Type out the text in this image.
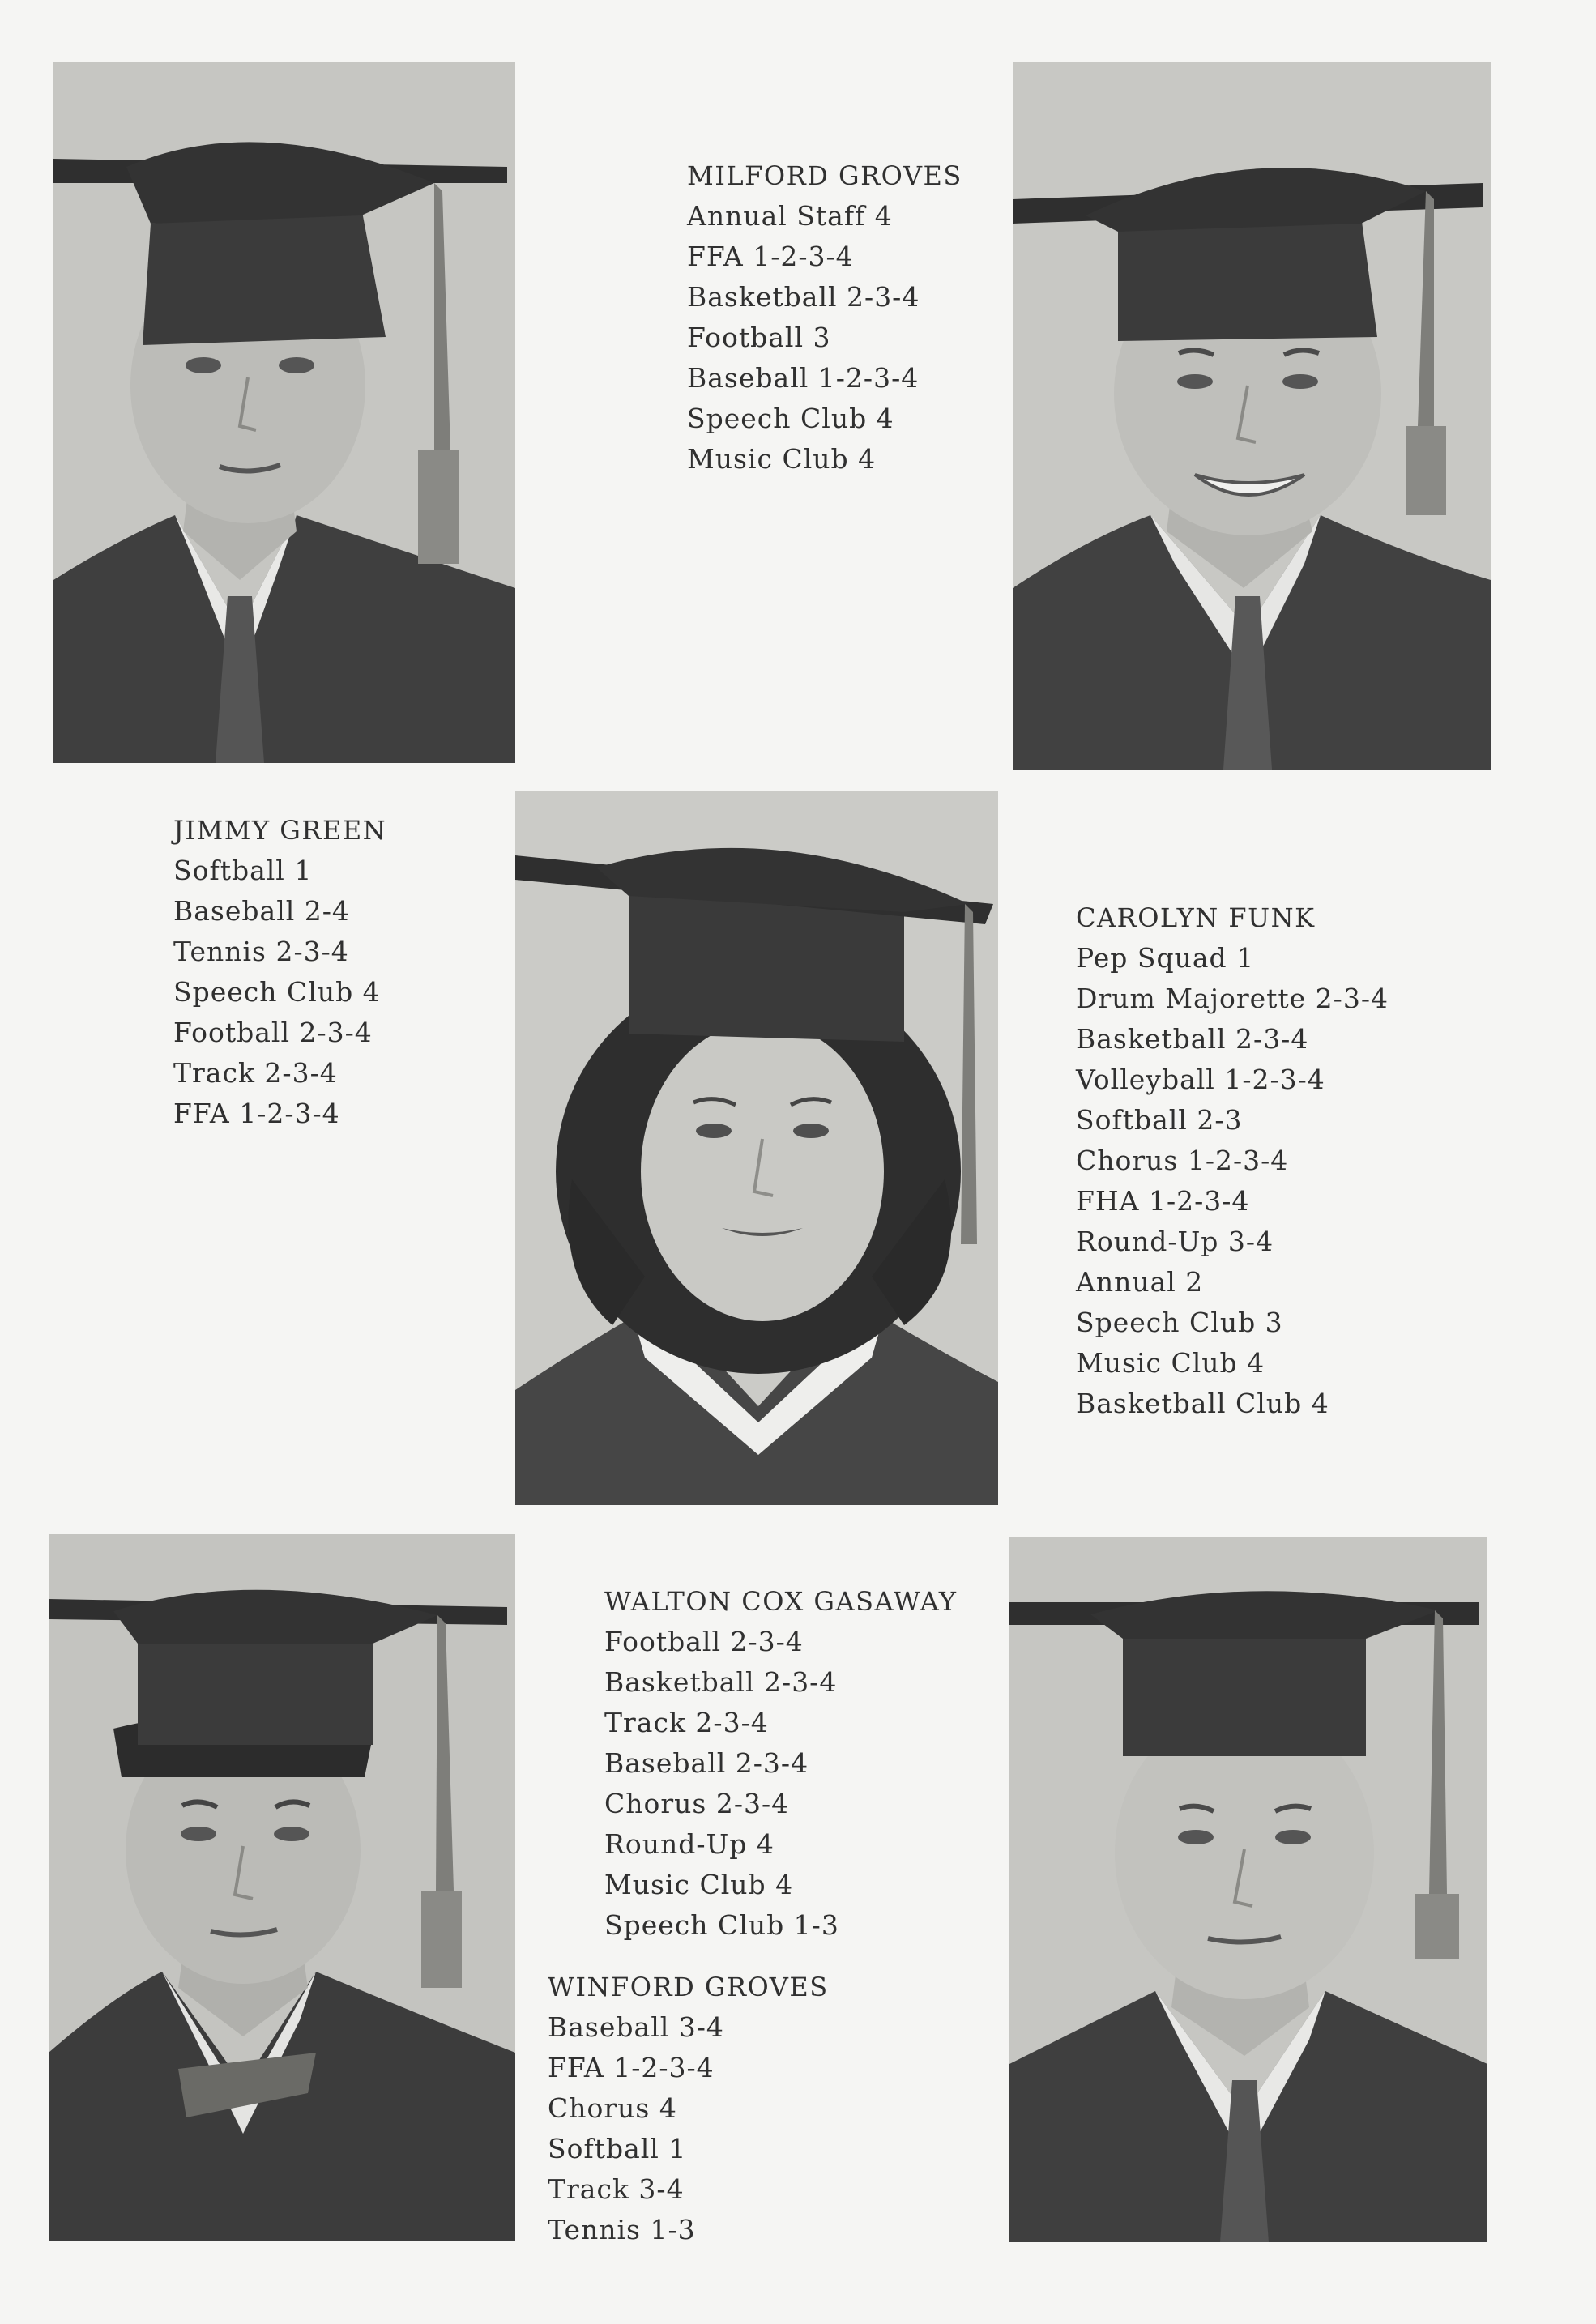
MILFORD GROVES
Annual Staff 4
FFA 1-2-3-4
Basketball 2-3-4
Football 3
Baseball 1-2-3-4
Speech Club 4
Music Club 4
JIMMY GREEN
Softball 1
Baseball 2-4
Tennis 2-3-4
Speech Club 4
Football 2-3-4
Track 2-3-4
FFA 1-2-3-4
CAROLYN FUNK
Pep Squad 1
Drum Majorette 2-3-4
Basketball 2-3-4
Volleyball 1-2-3-4
Softball 2-3
Chorus 1-2-3-4
FHA 1-2-3-4
Round-Up 3-4
Annual 2
Speech Club 3
Music Club 4
Basketball Club 4
WALTON COX GASAWAY
Football 2-3-4
Basketball 2-3-4
Track 2-3-4
Baseball 2-3-4
Chorus 2-3-4
Round-Up 4
Music Club 4
Speech Club 1-3
WINFORD GROVES
Baseball 3-4
FFA 1-2-3-4
Chorus 4
Softball 1
Track 3-4
Tennis 1-3
